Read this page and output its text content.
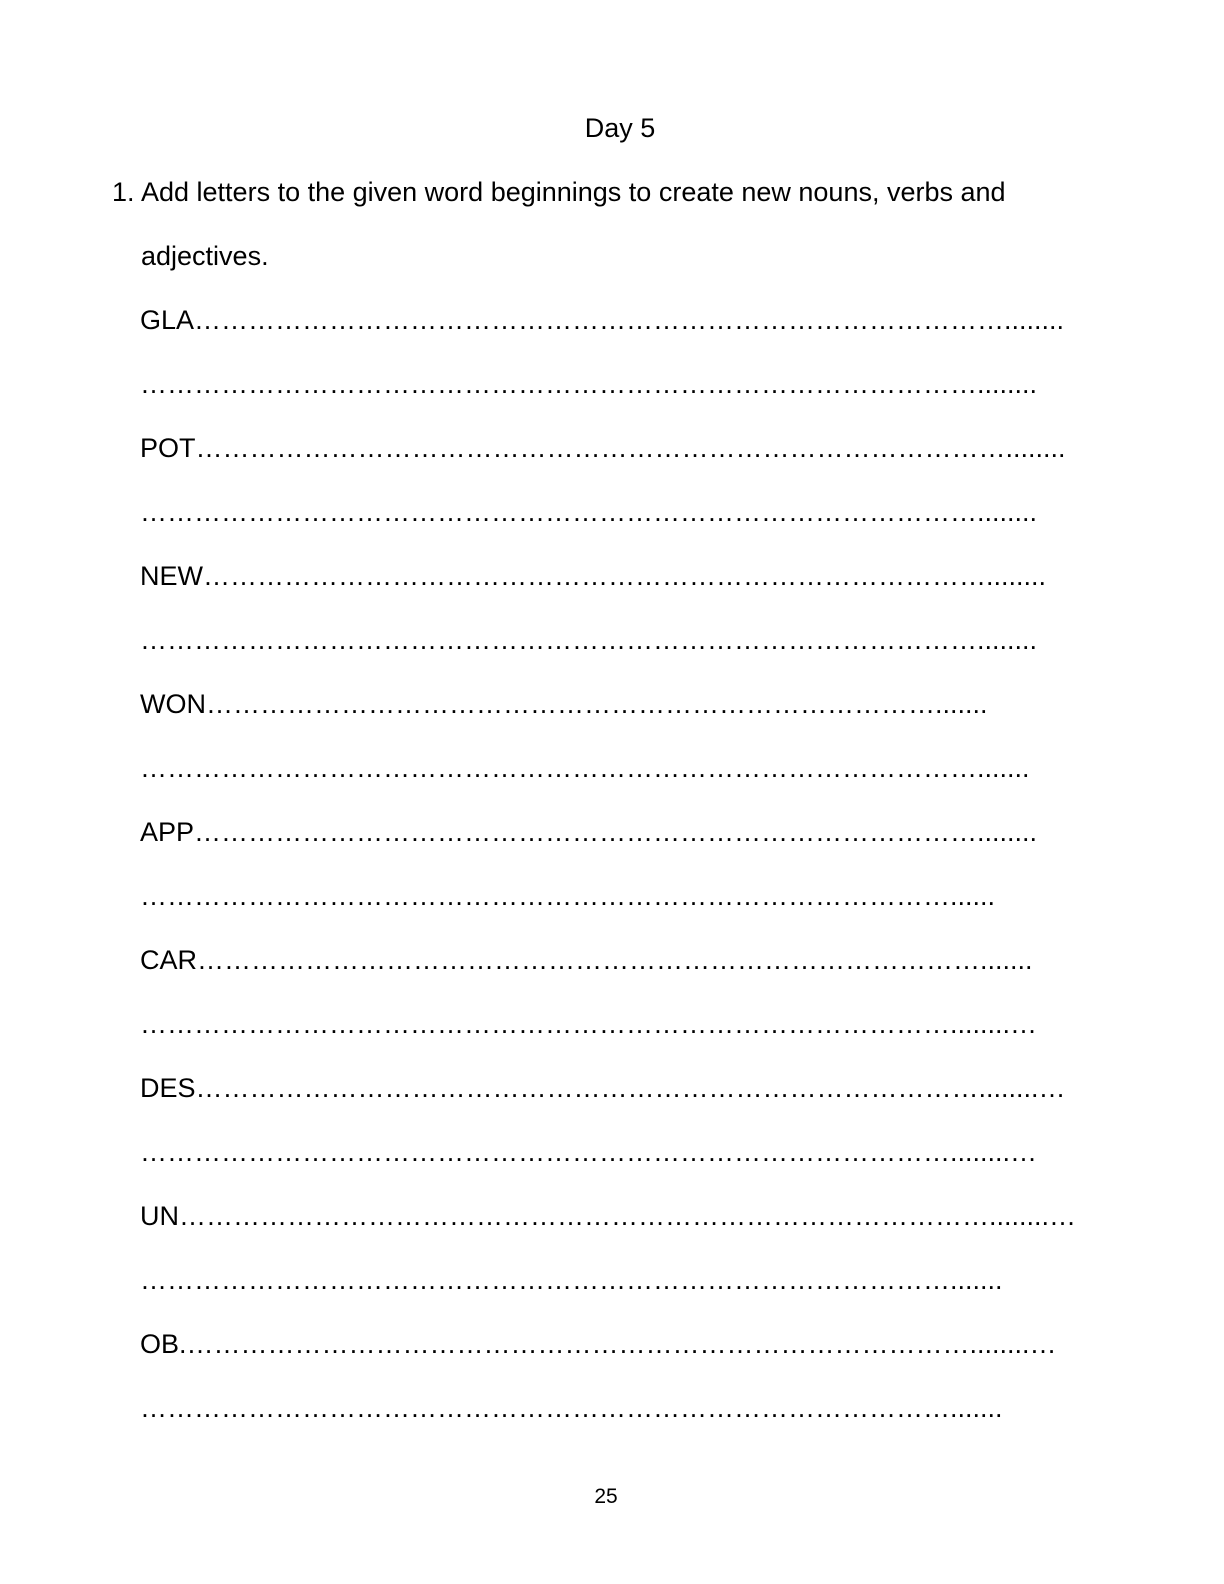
Day 5
1. Add letters to the given word beginnings to create new nouns, verbs and adjectives.
GLA………………………………………………………………………………........
…………………………………………………………………………………........
POT………………………………………………………………………………........
…………………………………………………………………………………........
NEW……………………………………………………………………………........
…………………………………………………………………………………........
WON……………………………………………………………………….......
………………………………………………………………………………….......
APP……………………………………………………………………………........
………………………………………………………………………………......
CAR…………………………………………………………………………….......
………………………………………………………………………………........…
DES……………………………………………………………………………........…
………………………………………………………………………………........…
UN………………………………………………………………………………........…
……………………………………………………………………………….......
OB.……………………………………………………………………………........…
……………………………………………………………………………….......
25
